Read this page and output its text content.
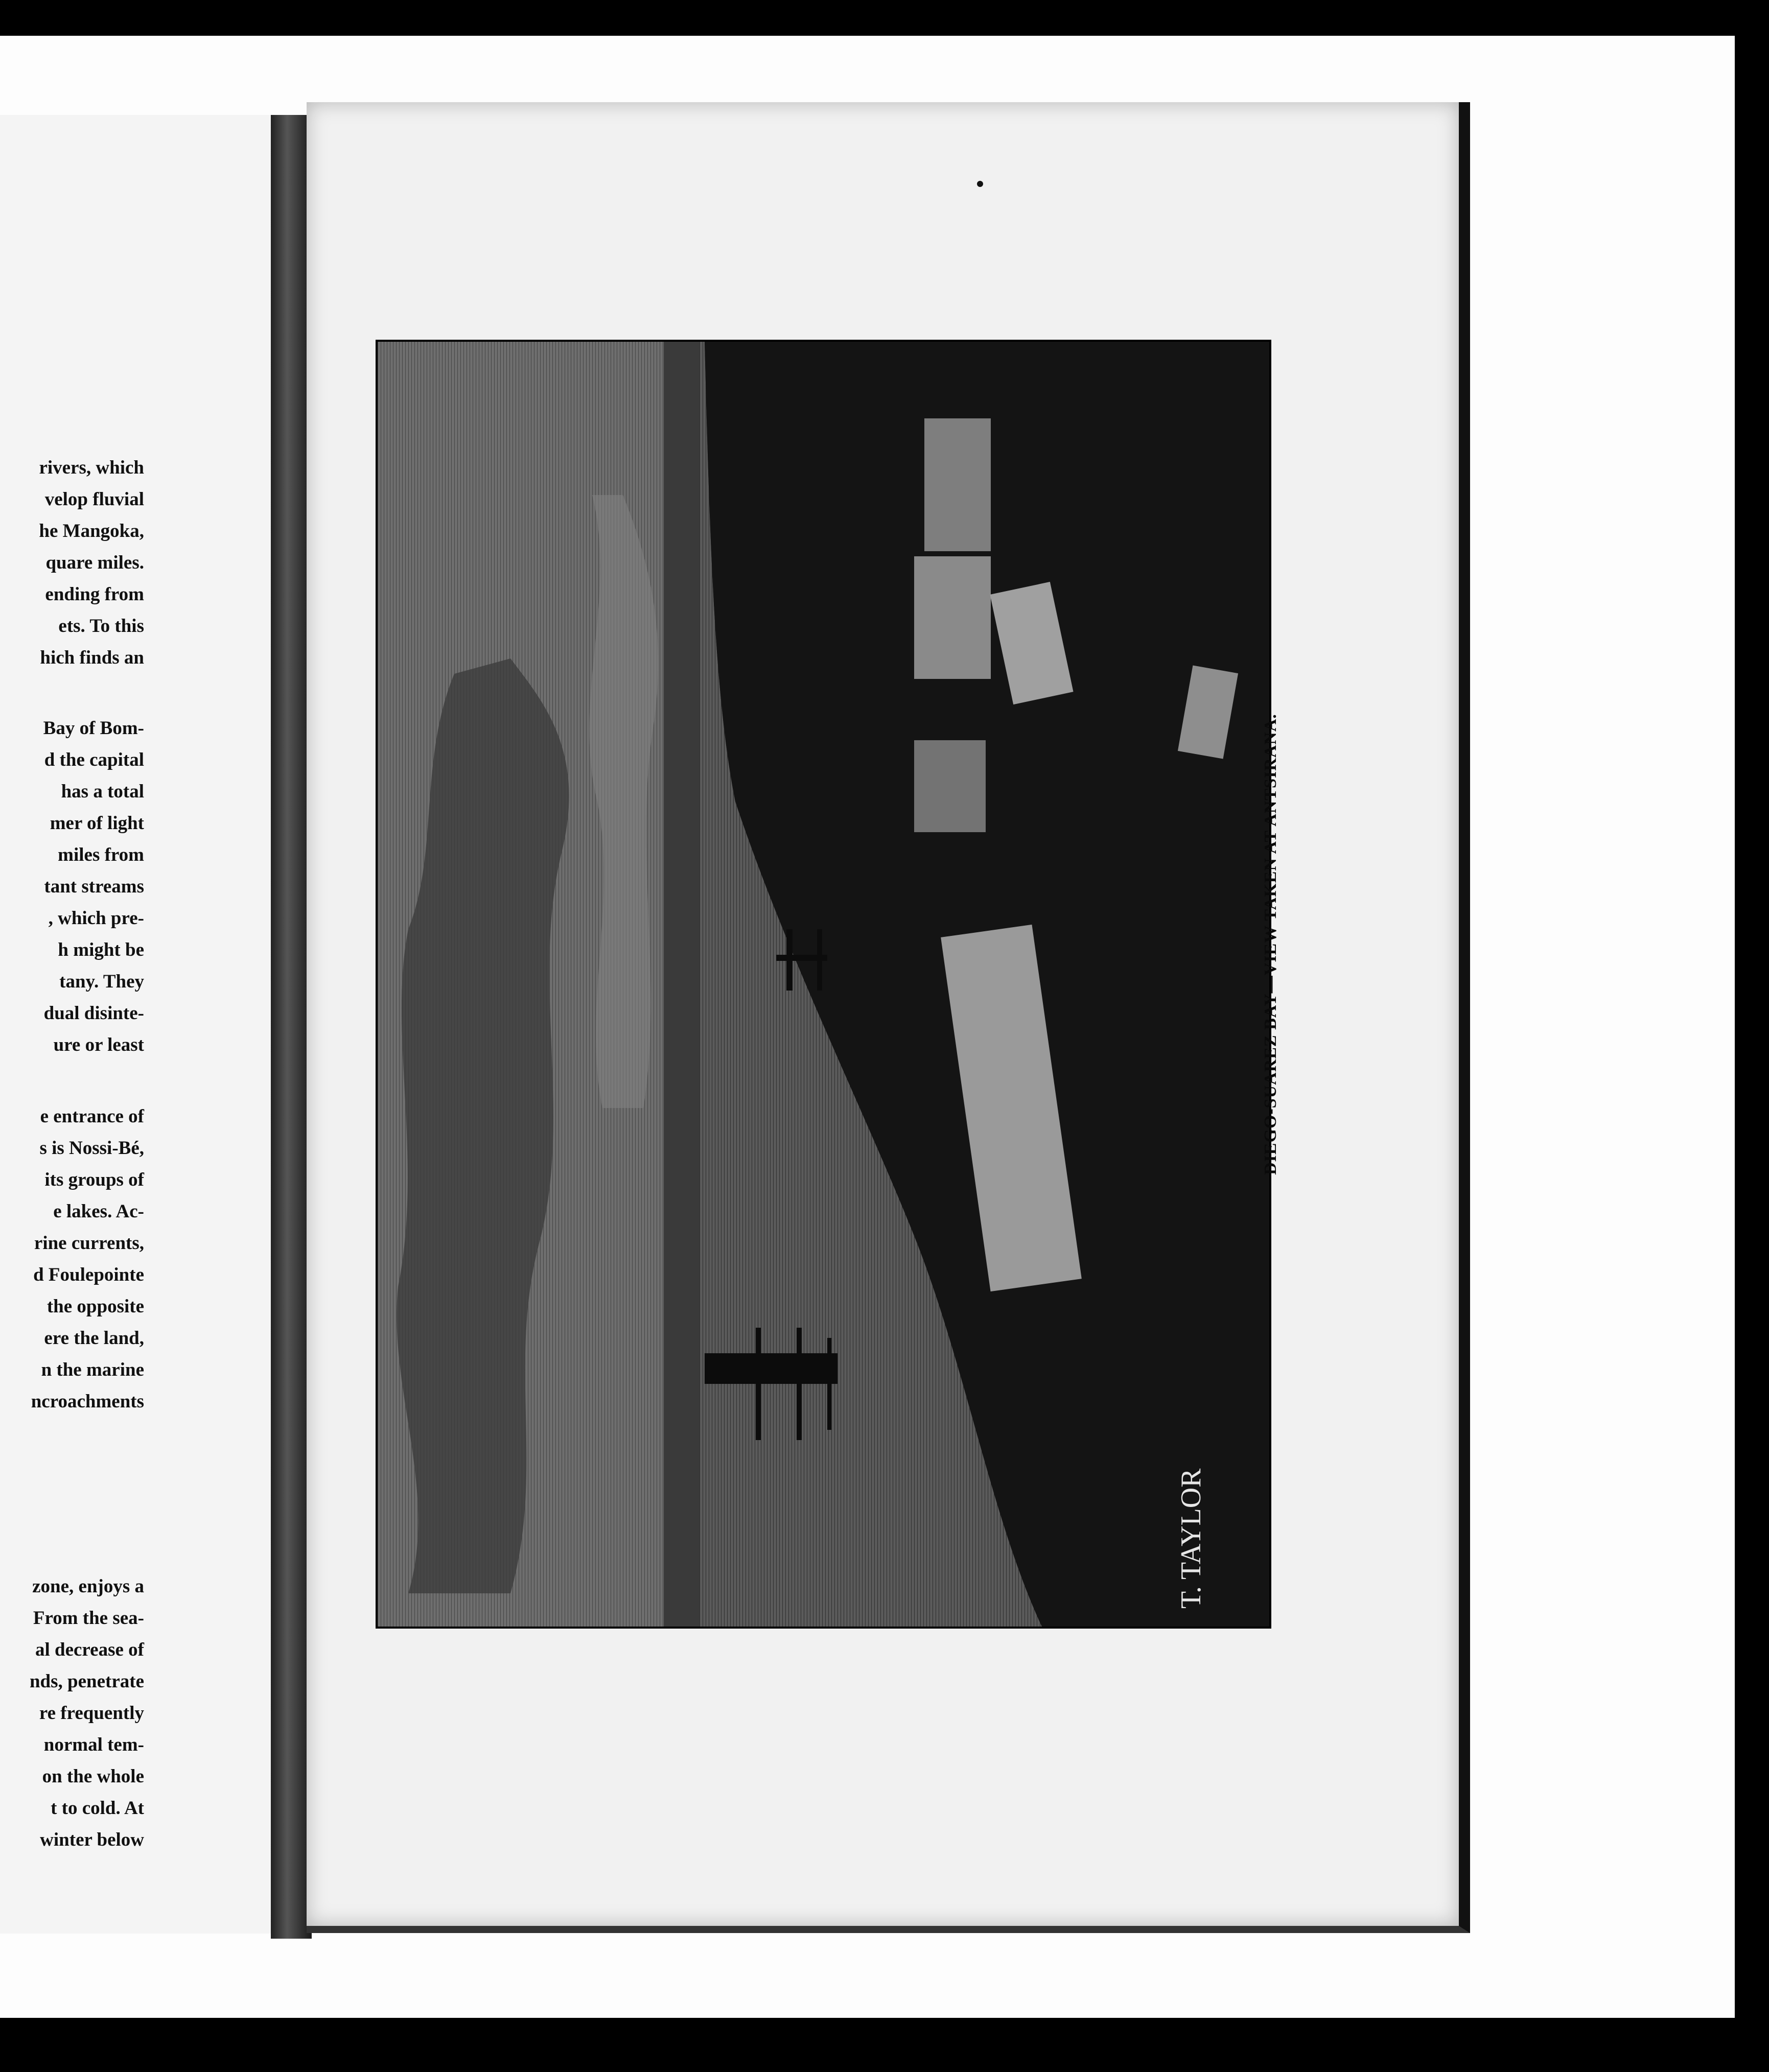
rivers, which
velop fluvial
he Mangoka,
quare miles.
ending from
ets. To this
hich finds an
Bay of Bom-
d the capital
has a total
mer of light
miles from
tant streams
, which pre-
h might be
tany. They
dual disinte-
ure or least
e entrance of
s is Nossi-Bé,
its groups of
e lakes. Ac-
rine currents,
d Foulepointe
the opposite
ere the land,
n the marine
ncroachments
zone, enjoys a
From the sea-
al decrease of
nds, penetrate
re frequently
normal tem-
on the whole
t to cold. At
winter below
T. TAYLOR
DIEGO-SUAREZ BAY—VIEW TAKEN AT ANTSIRANA.
